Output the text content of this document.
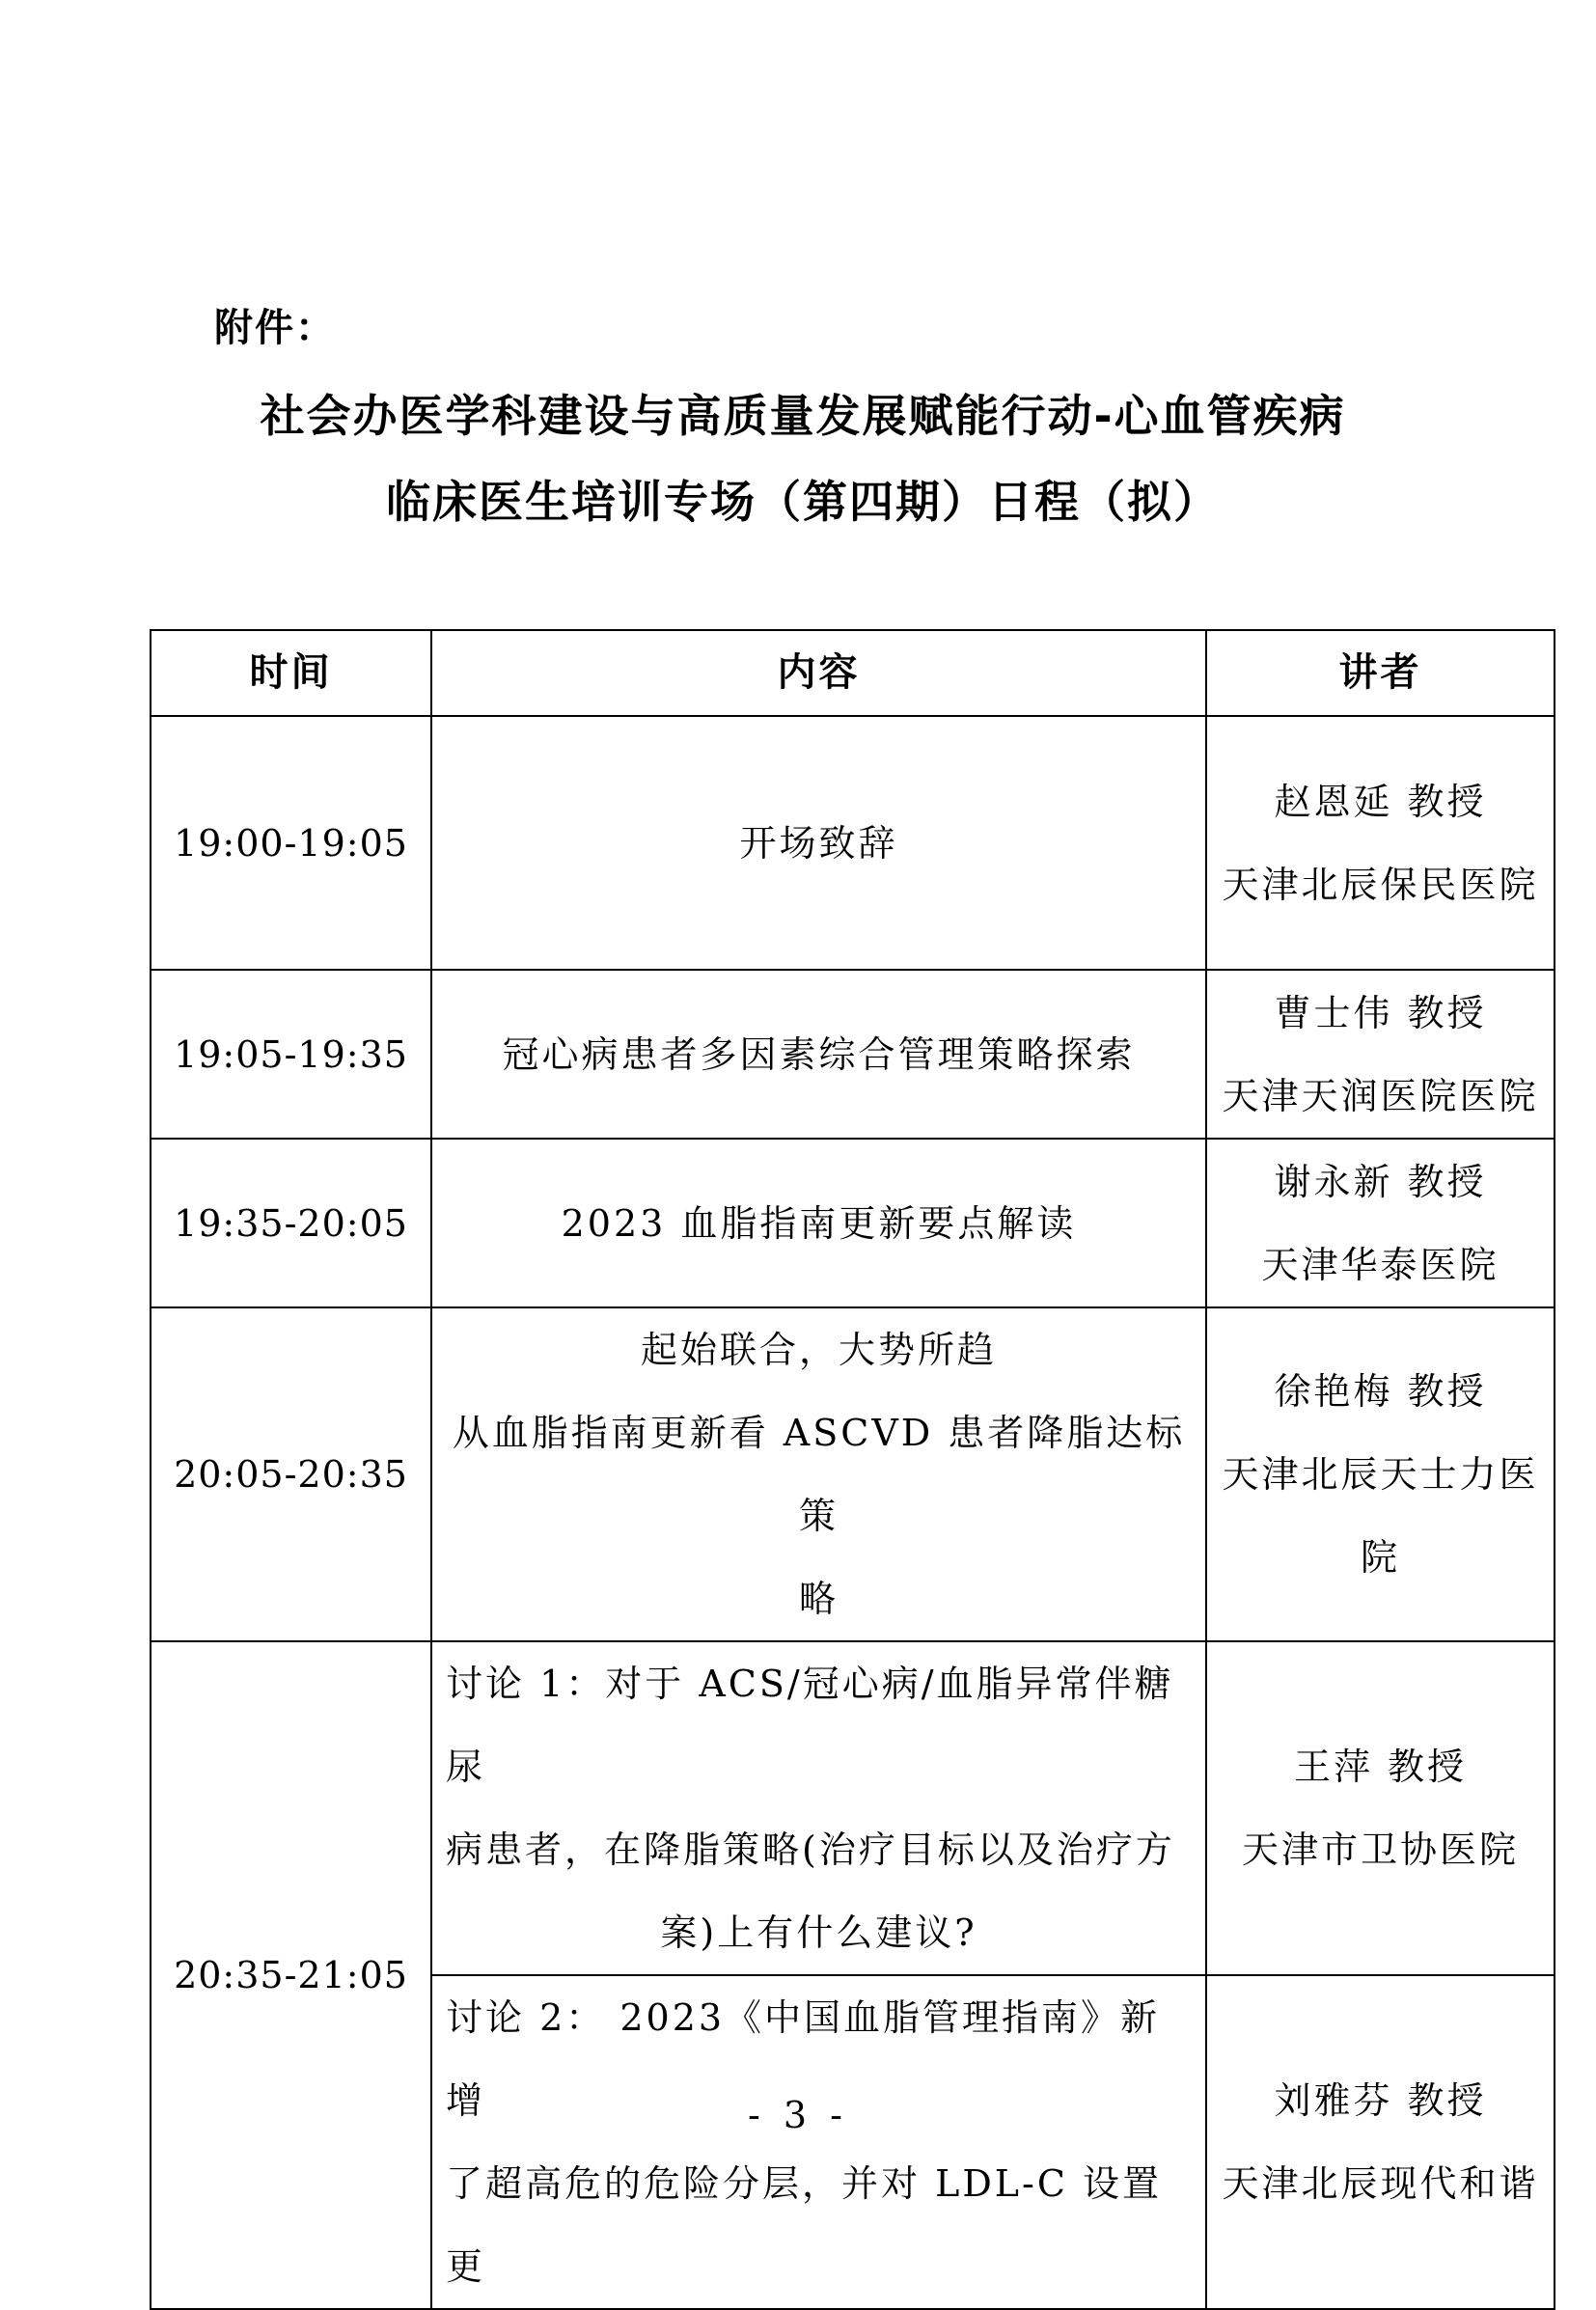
附件：
社会办医学科建设与高质量发展赋能行动-心血管疾病
临床医生培训专场（第四期）日程（拟）
时间	内容	讲者
19:00-19:05	开场致辞	赵恩延 教授
天津北辰保民医院

19:05-19:35	冠心病患者多因素综合管理策略探索	曹士伟 教授
天津天润医院医院

19:35-20:05	2023 血脂指南更新要点解读	谢永新 教授
天津华泰医院

20:05-20:35	起始联合，大势所趋
从血脂指南更新看 ASCVD 患者降脂达标策
略	徐艳梅 教授
天津北辰天士力医
院

20:35-21:05	讨论 1：对于 ACS/冠心病/血脂异常伴糖尿
病患者，在降脂策略(治疗目标以及治疗方
案)上有什么建议?	王萍 教授
天津市卫协医院

	讨论 2： 2023《中国血脂管理指南》新增
了超高危的危险分层，并对 LDL-C 设置更	刘雅芬 教授
天津北辰现代和谐
- 3 -
